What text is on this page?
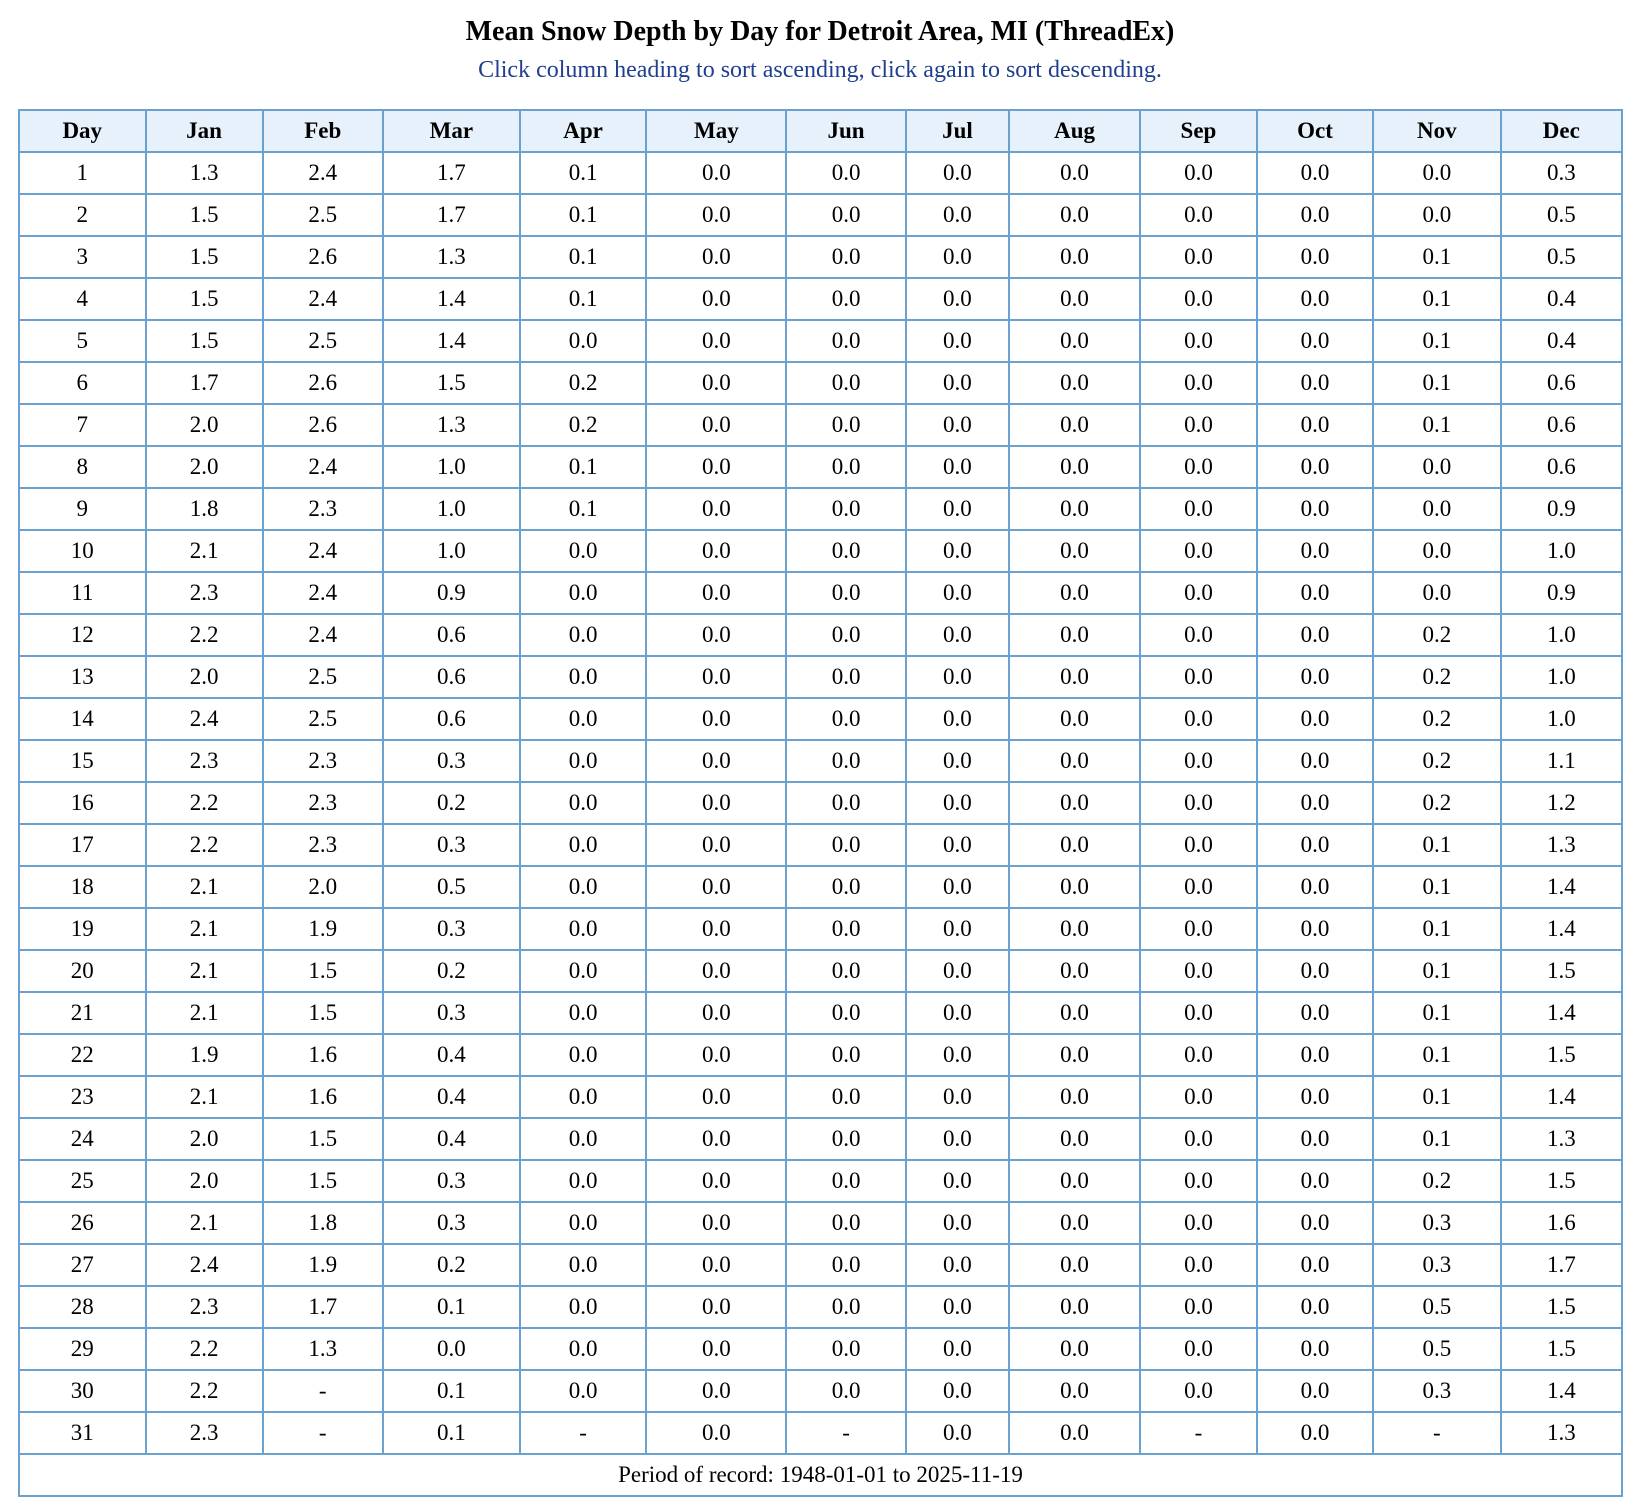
Mean Snow Depth by Day for Detroit Area, MI (ThreadEx)
Click column heading to sort ascending, click again to sort descending.
Day	Jan	Feb	Mar	Apr	May	Jun	Jul	Aug	Sep	Oct	Nov	Dec
1	1.3	2.4	1.7	0.1	0.0	0.0	0.0	0.0	0.0	0.0	0.0	0.3
2	1.5	2.5	1.7	0.1	0.0	0.0	0.0	0.0	0.0	0.0	0.0	0.5
3	1.5	2.6	1.3	0.1	0.0	0.0	0.0	0.0	0.0	0.0	0.1	0.5
4	1.5	2.4	1.4	0.1	0.0	0.0	0.0	0.0	0.0	0.0	0.1	0.4
5	1.5	2.5	1.4	0.0	0.0	0.0	0.0	0.0	0.0	0.0	0.1	0.4
6	1.7	2.6	1.5	0.2	0.0	0.0	0.0	0.0	0.0	0.0	0.1	0.6
7	2.0	2.6	1.3	0.2	0.0	0.0	0.0	0.0	0.0	0.0	0.1	0.6
8	2.0	2.4	1.0	0.1	0.0	0.0	0.0	0.0	0.0	0.0	0.0	0.6
9	1.8	2.3	1.0	0.1	0.0	0.0	0.0	0.0	0.0	0.0	0.0	0.9
10	2.1	2.4	1.0	0.0	0.0	0.0	0.0	0.0	0.0	0.0	0.0	1.0
11	2.3	2.4	0.9	0.0	0.0	0.0	0.0	0.0	0.0	0.0	0.0	0.9
12	2.2	2.4	0.6	0.0	0.0	0.0	0.0	0.0	0.0	0.0	0.2	1.0
13	2.0	2.5	0.6	0.0	0.0	0.0	0.0	0.0	0.0	0.0	0.2	1.0
14	2.4	2.5	0.6	0.0	0.0	0.0	0.0	0.0	0.0	0.0	0.2	1.0
15	2.3	2.3	0.3	0.0	0.0	0.0	0.0	0.0	0.0	0.0	0.2	1.1
16	2.2	2.3	0.2	0.0	0.0	0.0	0.0	0.0	0.0	0.0	0.2	1.2
17	2.2	2.3	0.3	0.0	0.0	0.0	0.0	0.0	0.0	0.0	0.1	1.3
18	2.1	2.0	0.5	0.0	0.0	0.0	0.0	0.0	0.0	0.0	0.1	1.4
19	2.1	1.9	0.3	0.0	0.0	0.0	0.0	0.0	0.0	0.0	0.1	1.4
20	2.1	1.5	0.2	0.0	0.0	0.0	0.0	0.0	0.0	0.0	0.1	1.5
21	2.1	1.5	0.3	0.0	0.0	0.0	0.0	0.0	0.0	0.0	0.1	1.4
22	1.9	1.6	0.4	0.0	0.0	0.0	0.0	0.0	0.0	0.0	0.1	1.5
23	2.1	1.6	0.4	0.0	0.0	0.0	0.0	0.0	0.0	0.0	0.1	1.4
24	2.0	1.5	0.4	0.0	0.0	0.0	0.0	0.0	0.0	0.0	0.1	1.3
25	2.0	1.5	0.3	0.0	0.0	0.0	0.0	0.0	0.0	0.0	0.2	1.5
26	2.1	1.8	0.3	0.0	0.0	0.0	0.0	0.0	0.0	0.0	0.3	1.6
27	2.4	1.9	0.2	0.0	0.0	0.0	0.0	0.0	0.0	0.0	0.3	1.7
28	2.3	1.7	0.1	0.0	0.0	0.0	0.0	0.0	0.0	0.0	0.5	1.5
29	2.2	1.3	0.0	0.0	0.0	0.0	0.0	0.0	0.0	0.0	0.5	1.5
30	2.2	-	0.1	0.0	0.0	0.0	0.0	0.0	0.0	0.0	0.3	1.4
31	2.3	-	0.1	-	0.0	-	0.0	0.0	-	0.0	-	1.3
Period of record: 1948-01-01 to 2025-11-19												
